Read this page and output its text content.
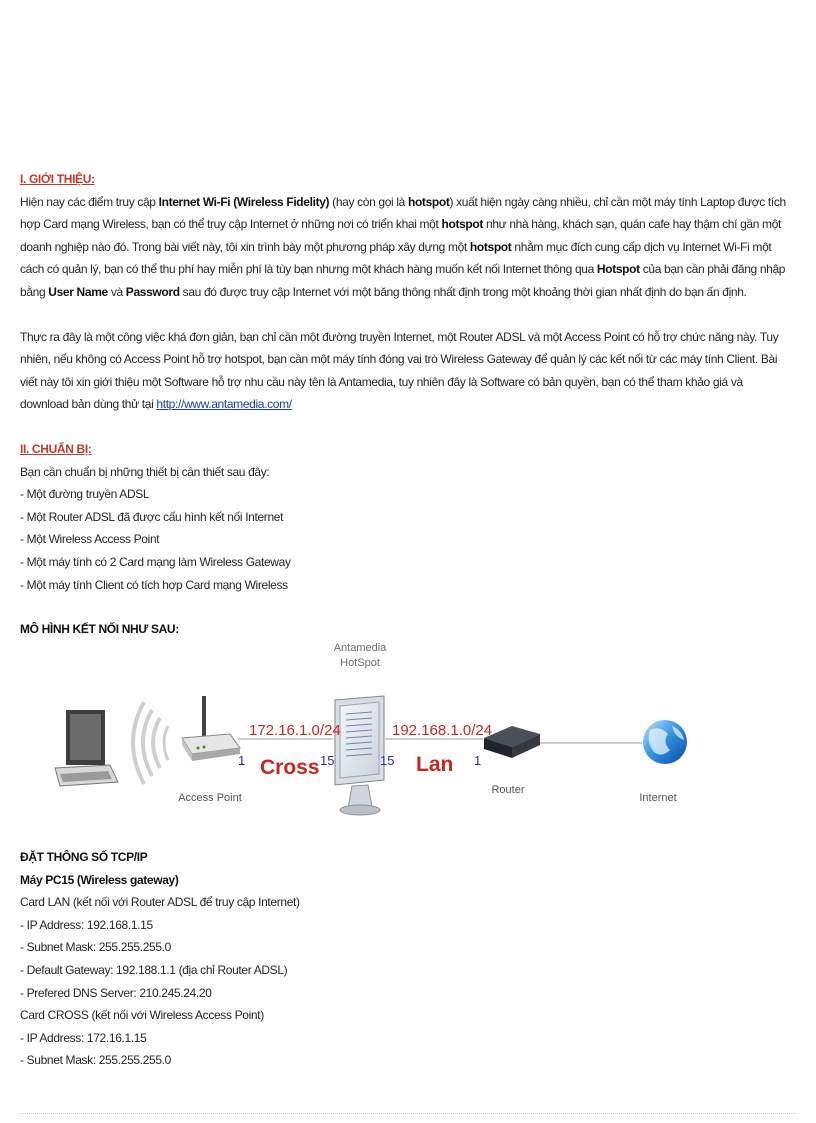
I. GIỚI THIỆU:

Hiện nay các điểm truy cập Internet Wi-Fi (Wireless Fidelity) (hay còn gọi là hotspot) xuất hiện ngày càng nhiều, chỉ cần một máy tính Laptop được tích hợp Card mạng Wireless, bạn có thể truy cập Internet ở những nơi có triển khai một hotspot như nhà hàng, khách sạn, quán cafe hay thậm chí gần một doanh nghiệp nào đó. Trong bài viết này, tôi xin trình bày một phương pháp xây dựng một hotspot nhằm mục đích cung cấp dịch vụ Internet Wi-Fi một cách có quản lý, bạn có thể thu phí hay miễn phí là tùy bạn nhưng một khách hàng muốn kết nối Internet thông qua Hotspot của bạn cần phải đăng nhập bằng User Name và Password sau đó được truy cập Internet với một băng thông nhất định trong một khoảng thời gian nhất định do bạn ấn định.

Thực ra đây là một công việc khá đơn giản, bạn chỉ cần một đường truyền Internet, một Router ADSL và một Access Point có hỗ trợ chức năng này. Tuy nhiên, nếu không có Access Point hỗ trợ hotspot, bạn cần một máy tính đóng vai trò Wireless Gateway để quản lý các kết nối từ các máy tính Client. Bài viết này tôi xin giới thiệu một Software hỗ trợ nhu cầu này tên là Antamedia, tuy nhiên đây là Software có bản quyền, bạn có thể tham khảo giá và download bản dùng thử tại http://www.antamedia.com/

II. CHUẨN BỊ:

Bạn cần chuẩn bị những thiết bị cần thiết sau đây:

- Một đường truyền ADSL

- Một Router ADSL đã được cấu hình kết nối Internet

- Một Wireless Access Point

- Một máy tính có 2 Card mạng làm Wireless Gateway

- Một máy tính Client có tích hợp Card mạng Wireless

MÔ HÌNH KẾT NỐI NHƯ SAU:

Antamedia
HotSpot
172.16.1.0/24	192.168.1.0/24
Cross	Lan
1	15	15	1
Access Point
Router
Internet

ĐẶT THÔNG SỐ TCP/IP

Máy PC15 (Wireless gateway)

Card LAN (kết nối với Router ADSL để truy cập Internet)

- IP Address: 192.168.1.15

- Subnet Mask: 255.255.255.0

- Default Gateway: 192.188.1.1 (địa chỉ Router ADSL)

- Prefered DNS Server: 210.245.24.20

Card CROSS (kết nối với Wireless Access Point)

- IP Address: 172.16.1.15

- Subnet Mask: 255.255.255.0
